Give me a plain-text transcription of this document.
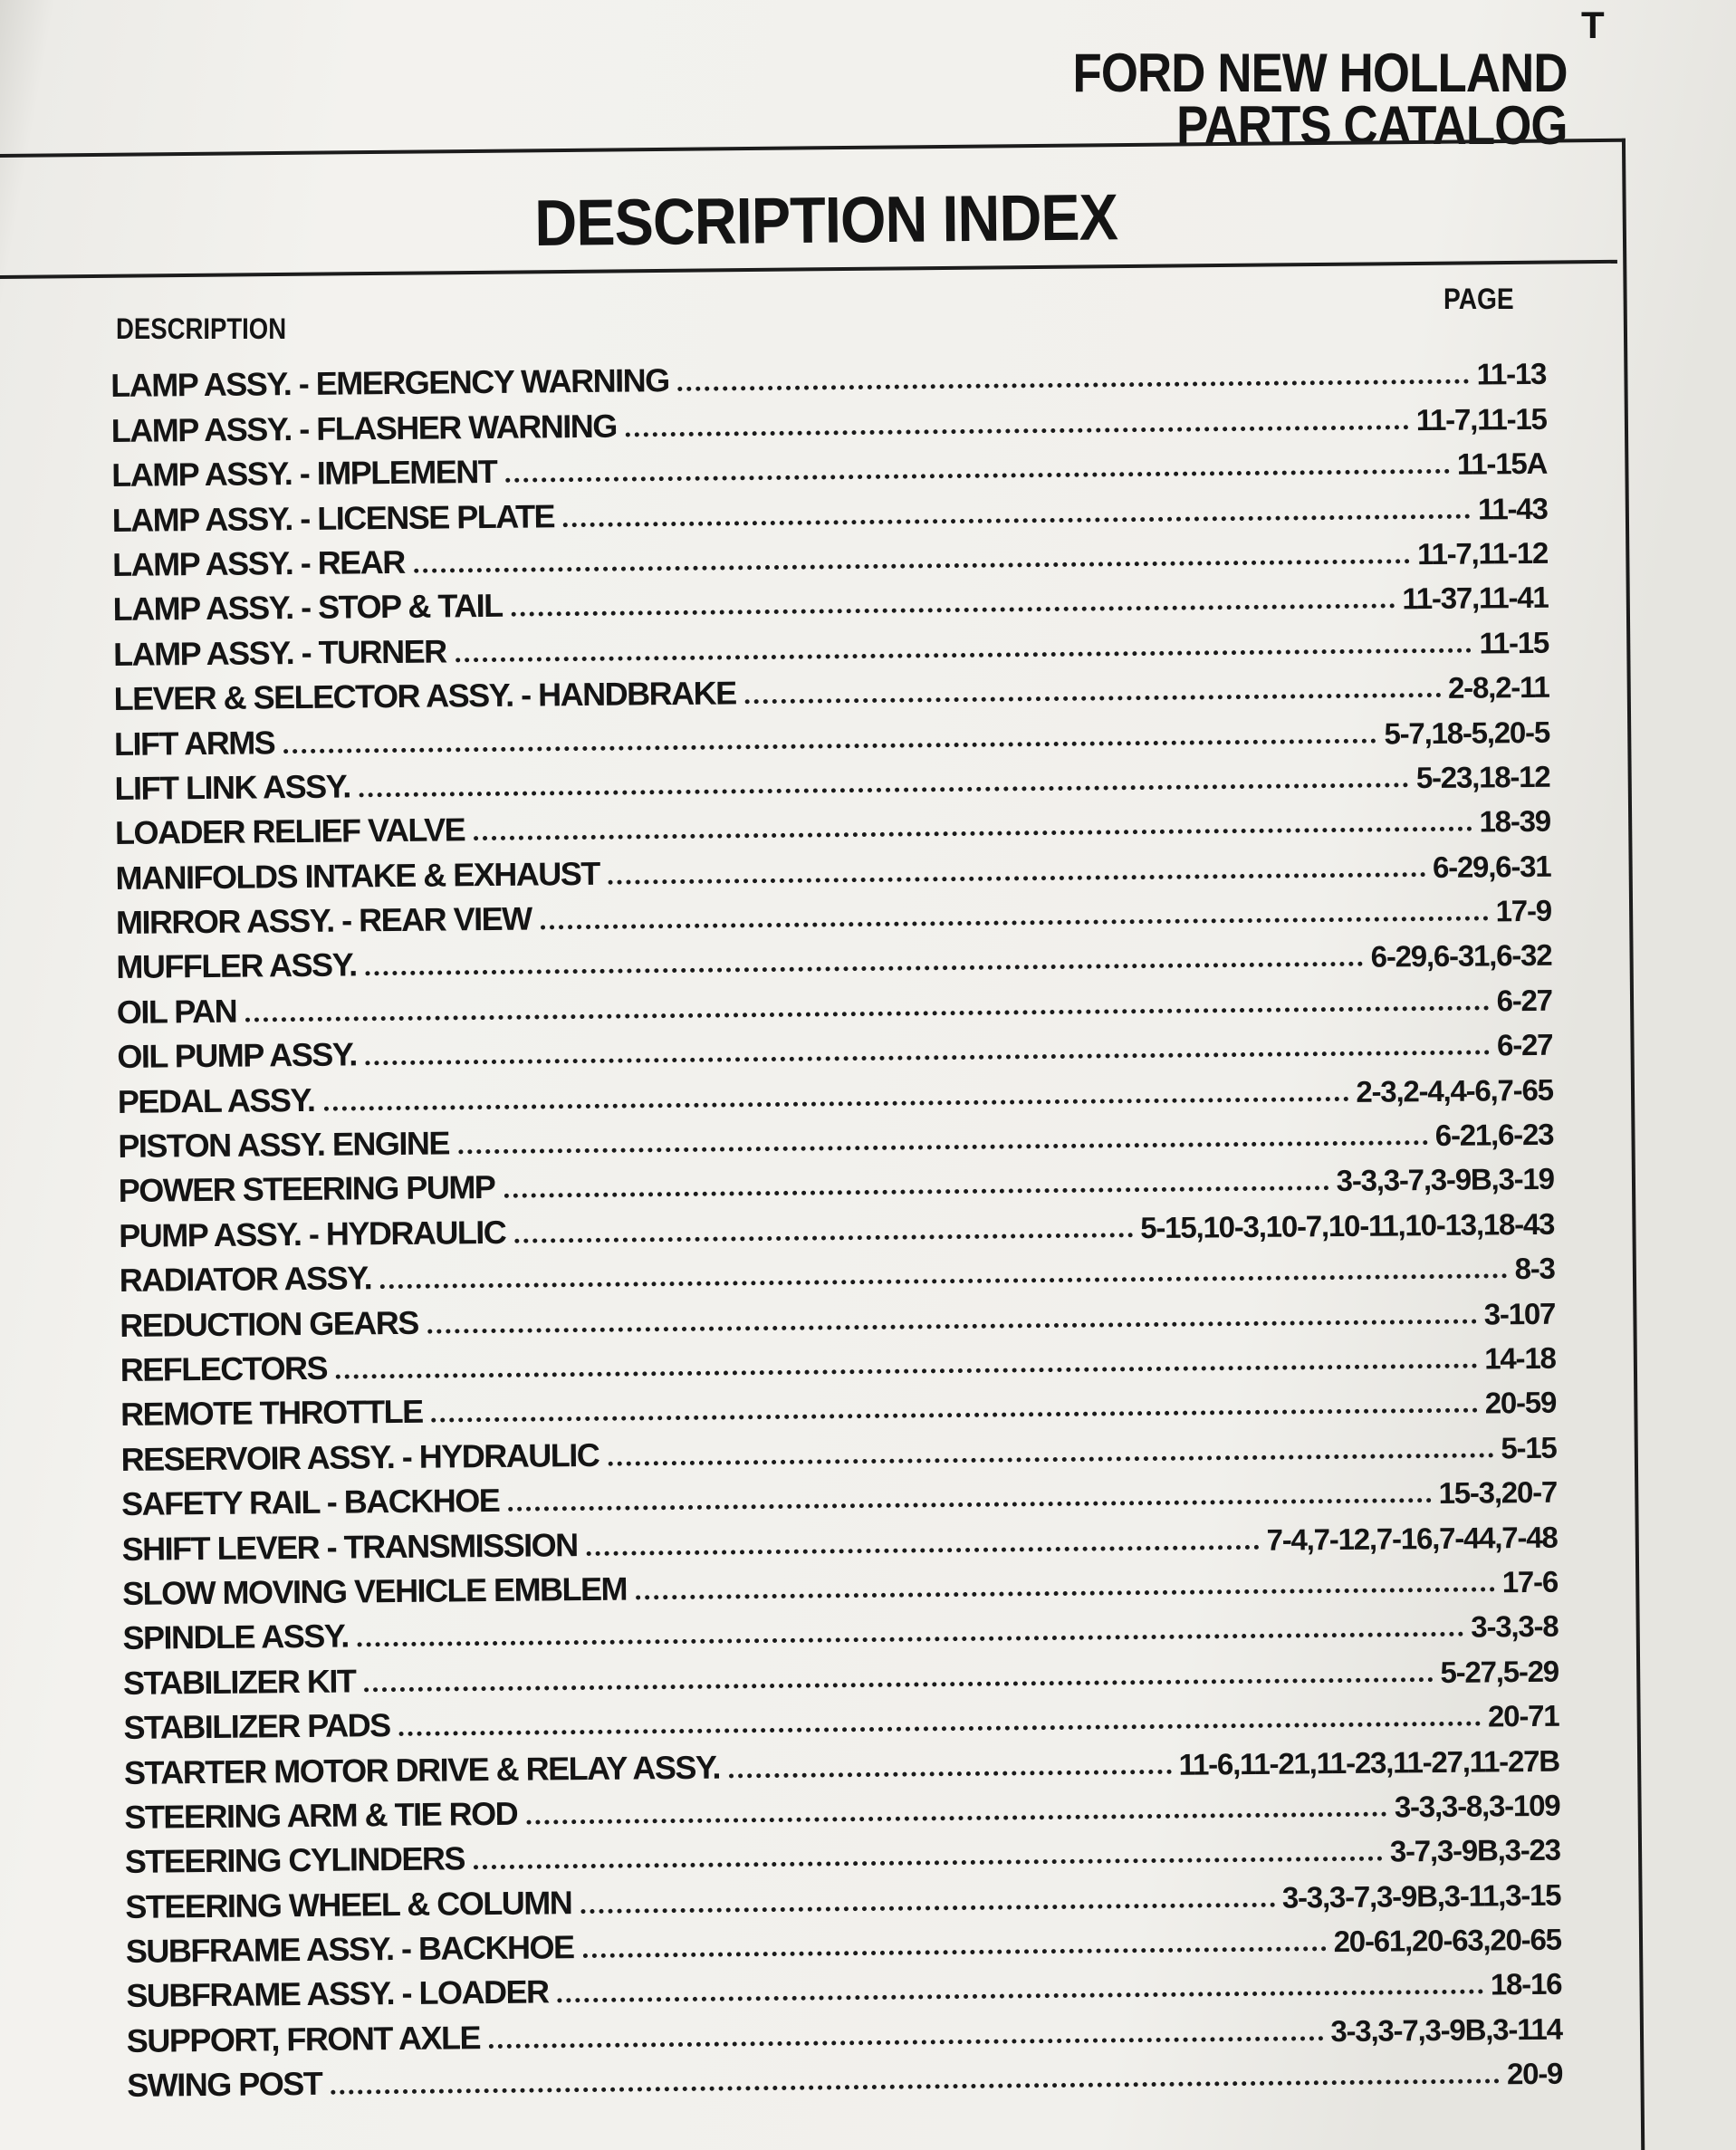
T
FORD NEW HOLLAND
PARTS CATALOG
DESCRIPTION INDEX
DESCRIPTION
PAGE
LAMP ASSY. - EMERGENCY WARNING	11-13
LAMP ASSY. - FLASHER WARNING	11-7,11-15
LAMP ASSY. - IMPLEMENT	11-15A
LAMP ASSY. - LICENSE PLATE	11-43
LAMP ASSY. - REAR	11-7,11-12
LAMP ASSY. - STOP & TAIL	11-37,11-41
LAMP ASSY. - TURNER	11-15
LEVER & SELECTOR ASSY. - HANDBRAKE	2-8,2-11
LIFT ARMS	5-7,18-5,20-5
LIFT LINK ASSY.	5-23,18-12
LOADER RELIEF VALVE	18-39
MANIFOLDS INTAKE & EXHAUST	6-29,6-31
MIRROR ASSY. - REAR VIEW	17-9
MUFFLER ASSY.	6-29,6-31,6-32
OIL PAN	6-27
OIL PUMP ASSY.	6-27
PEDAL ASSY.	2-3,2-4,4-6,7-65
PISTON ASSY. ENGINE	6-21,6-23
POWER STEERING PUMP	3-3,3-7,3-9B,3-19
PUMP ASSY. - HYDRAULIC	5-15,10-3,10-7,10-11,10-13,18-43
RADIATOR ASSY.	8-3
REDUCTION GEARS	3-107
REFLECTORS	14-18
REMOTE THROTTLE	20-59
RESERVOIR ASSY. - HYDRAULIC	5-15
SAFETY RAIL - BACKHOE	15-3,20-7
SHIFT LEVER - TRANSMISSION	7-4,7-12,7-16,7-44,7-48
SLOW MOVING VEHICLE EMBLEM	17-6
SPINDLE ASSY.	3-3,3-8
STABILIZER KIT	5-27,5-29
STABILIZER PADS	20-71
STARTER MOTOR DRIVE & RELAY ASSY.	11-6,11-21,11-23,11-27,11-27B
STEERING ARM & TIE ROD	3-3,3-8,3-109
STEERING CYLINDERS	3-7,3-9B,3-23
STEERING WHEEL & COLUMN	3-3,3-7,3-9B,3-11,3-15
SUBFRAME ASSY. - BACKHOE	20-61,20-63,20-65
SUBFRAME ASSY. - LOADER	18-16
SUPPORT, FRONT AXLE	3-3,3-7,3-9B,3-114
SWING POST	20-9
